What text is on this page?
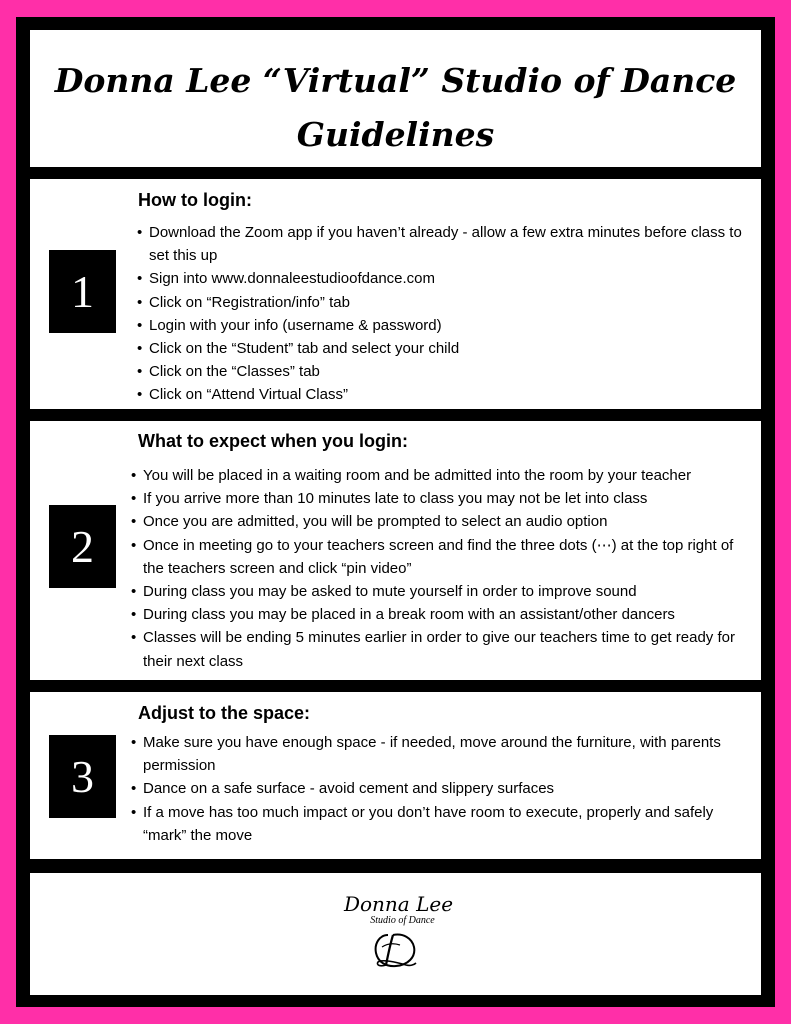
Donna Lee “Virtual” Studio of Dance
Guidelines
1
How to login:
• Download the Zoom app if you haven’t already - allow a few extra minutes before class to set this up
• Sign into www.donnaleestudioofdance.com
• Click on “Registration/info” tab
• Login with your info (username & password)
• Click on the “Student” tab and select your child
• Click on the “Classes” tab
• Click on “Attend Virtual Class”
2
What to expect when you login:
• You will be placed in a waiting room and be admitted into the room by your teacher
• If you arrive more than 10 minutes late to class you may not be let into class
• Once you are admitted, you will be prompted to select an audio option
• Once in meeting go to your teachers screen and find the three dots (⋯) at the top right of the teachers screen and click “pin video”
• During class you may be asked to mute yourself in order to improve sound
• During class you may be placed in a break room with an assistant/other dancers
• Classes will be ending 5 minutes earlier in order to give our teachers time to get ready for their next class
3
Adjust to the space:
• Make sure you have enough space - if needed, move around the furniture, with parents permission
• Dance on a safe surface - avoid cement and slippery surfaces
• If a move has too much impact or you don’t have room to execute, properly and safely “mark” the move
Donna Lee
Studio of Dance
